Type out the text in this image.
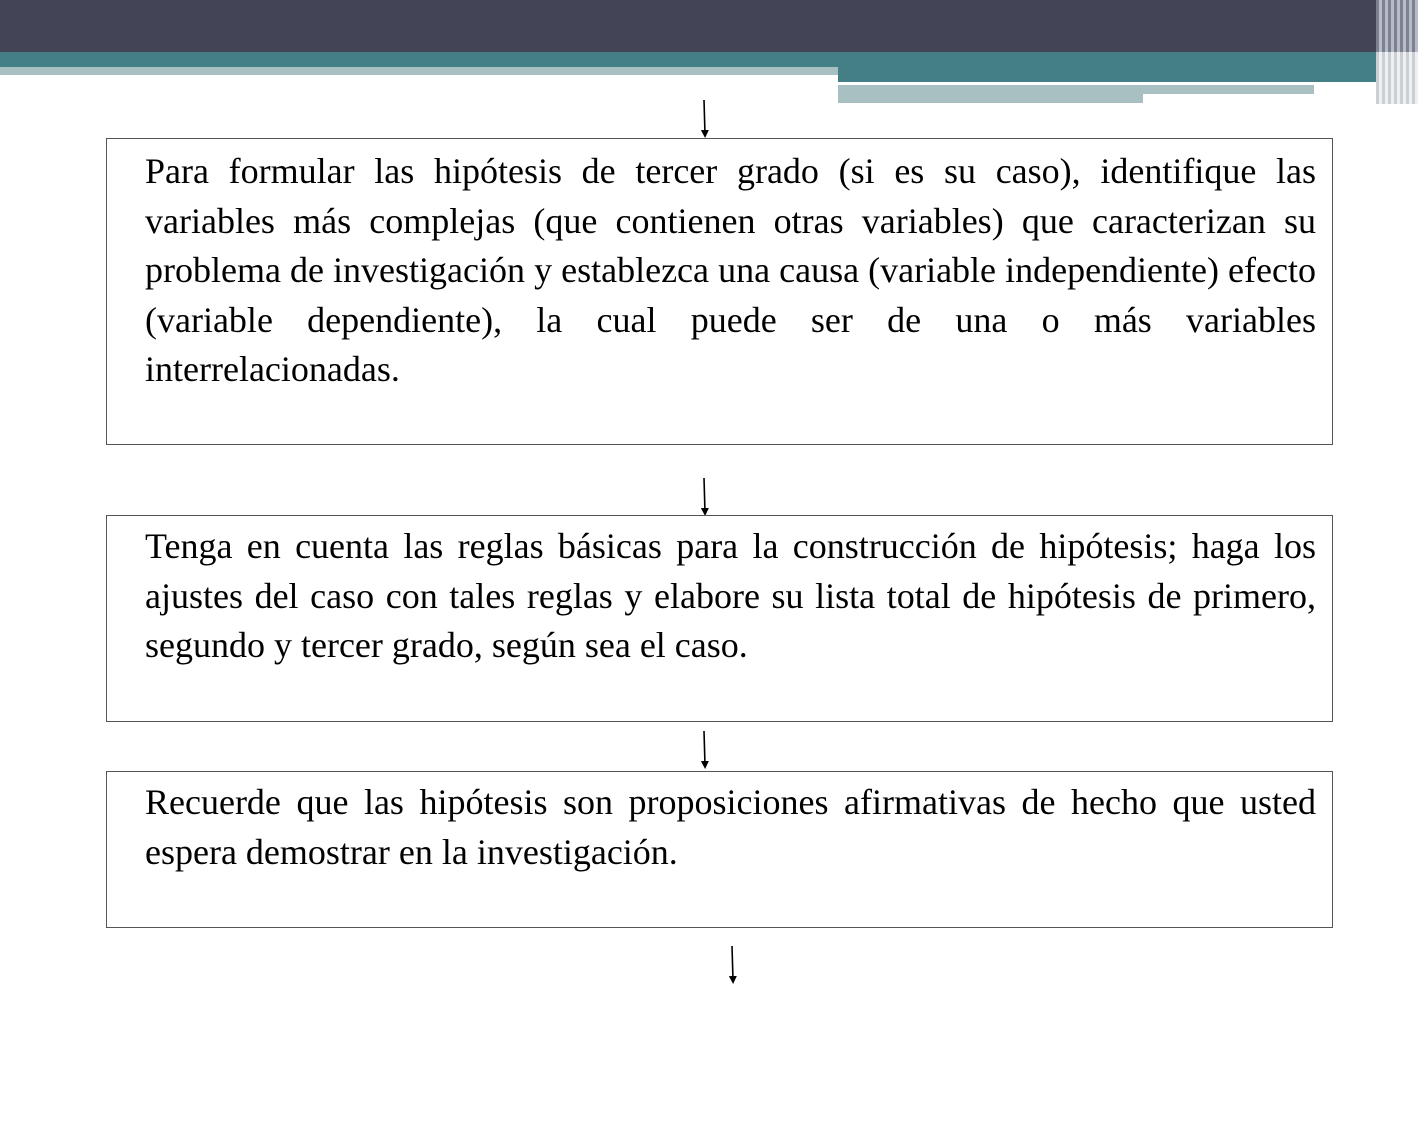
Para formular las hipótesis de tercer grado (si es su caso), identifique las variables más complejas (que contienen otras variables) que caracterizan su problema de investigación y establezca una causa (variable independiente) efecto (variable dependiente), la cual puede ser de una o más variables interrelacionadas.

Tenga en cuenta las reglas básicas para la construcción de hipótesis; haga los ajustes del caso con tales reglas y elabore su lista total de hipótesis de primero, segundo y tercer grado, según sea el caso.

Recuerde que las hipótesis son proposiciones afirmativas de hecho que usted espera demostrar en la investigación.
